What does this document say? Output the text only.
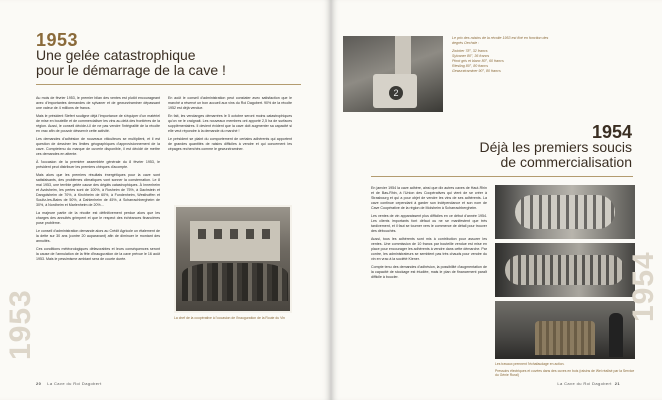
1953
Une gelée catastrophique
pour le démarrage de la cave !

Au mois de février 1953, le premier bilan des ventes est plutôt encourageant avec d'importantes demandes de sylvaner et de gewurztraminer dépassant une valeur de 4 millions de francs.

Mais le président Siefert souligne déjà l'importance de s'équiper d'un matériel de mise en bouteille et de commercialiser les vins au-delà des frontières de la région. Aussi, le conseil décide-t-il de ne pas vendre l'intégralité de la récolte en vrac afin de pouvoir désservir cette activité.

Les demandes d'adhésion de nouveaux viticulteurs se multiplient, et il est question de dessiner les limites géographiques d'approvisionnement de la cave. Comptetenu du marque de cuverie disponible, il est décidé de mettre ces demandes en attente.

À l'occasion de la première assemblée générale du 8 février 1953, le président peut distribuer les premiers chèques d'acompte.

Mais alors que les premiers résultats énergétiques pour la cave sont satisfaisants, des problèmes climatiques vont sonner la consternation. Le 8 mai 1953, une terrible gelée cause des dégâts catastrophiques. À Innenheim et Avolsheim, les pertes sont de 100%, à Rosheim de 75%, à Dachstein et Dangolsheim de 70%, à Kirchheim de 60%, à Fundenheim, Westhoffen et Soultz-les-Bains de 50%, à Dahlenheim de 45%, à Scharrachbergheim de 30%, à Nordheim et Marlenheim de 20%...

La majeure partie de la récolte est définitivement perdue alors que les charges des annuités grimpent et que le respect des échéances financières pose problème.

Le conseil d'administration demande alors au Crédit Agricole un étalement de la dette sur 30 ans (contre 20 auparavant) afin de diminuer le montant des annuités.

Ces conditions météorologiques défavorables et leurs conséquences seront la cause de l'annulation de la fête d'inauguration de la cave prévue le 16 août 1953. Mais le pessimisme ambiant sera de courte durée.

En août le conseil d'administration peut constater avec satisfaction que le marché a réservé un bon accueil aux vins du Roi Dagobert. 90% de la récolte 1952 est déjà vendue.

En fait, les vendanges démarrées le 5 octobre seront moins catastrophiques qu'on ne le craignait. Les nouveaux membres ont apporté 2,5 ha de surfaces supplémentaires. Il devient évident que la cave doit augmenter sa capacité si elle veut répondre à la demande du marché !

Le président se plaint du comportement de certains adhérents qui apportent de grandes quantités de raisins difficiles à vendre et qui concernent les cépages recherchés comme le gewurztraminer.

La chef de la coopérative à l'occasion de l'inauguration de la Route du Vin
1953
20 La Cave du Roi Dagobert
2

Le prix des raisins de la récolte 1953 est fixé en fonction des degrés Oechsle :

Zwicker 78°, 32 francs
Sylvaner 80°, 36 francs
Pinot gris et blanc 80°, 60 francs
Riesling 80°, 80 francs
Gewurztraminer 90°, 80 francs
1954
Déjà les premiers soucis
de commercialisation

En janvier 1954 la cave adhère, ainsi que dix autres caves de Haut-Rhin et de Bas-Rhin, à l'Union des Coopératives qui vient de se créer à Strasbourg et qui a pour objet de vendre les vins de ses adhérents. La cave continue cependant à garder son indépendance et son nom de Cave Coopérative de la région de Molsheim à Scharrachbergheim.

Les ventes de vin apparaissent plus difficiles en ce début d'année 1954. Les clients importants font défaut ou ne se manifestent que très tardivement, et il faut se tourner vers le commerce de détail pour trouver des débouchés.

Aussi, tous les adhérents sont mis à contribution pour assurer les ventes. Une commission de 10 francs par bouteille vendue est mise en place pour encourager les adhérents à vendre dans cette démarche. Par contre, les administrateurs se semblent pas très chauds pour vendre du vin en vrac à la société Kiener.

Compte tenu des demandes d'adhésion, la possibilité d'augmentation de la capacité de stockage est étudiée, mais le plan de financement paraît difficile à boucler.

Les travaux prennent l'échafaudage en action.

Pressoirs électriques et cuvées dans des cuves en bois (raisins de Wei réalisé par la Service du Génie Rural)

1954
La Cave du Roi Dagobert 21
